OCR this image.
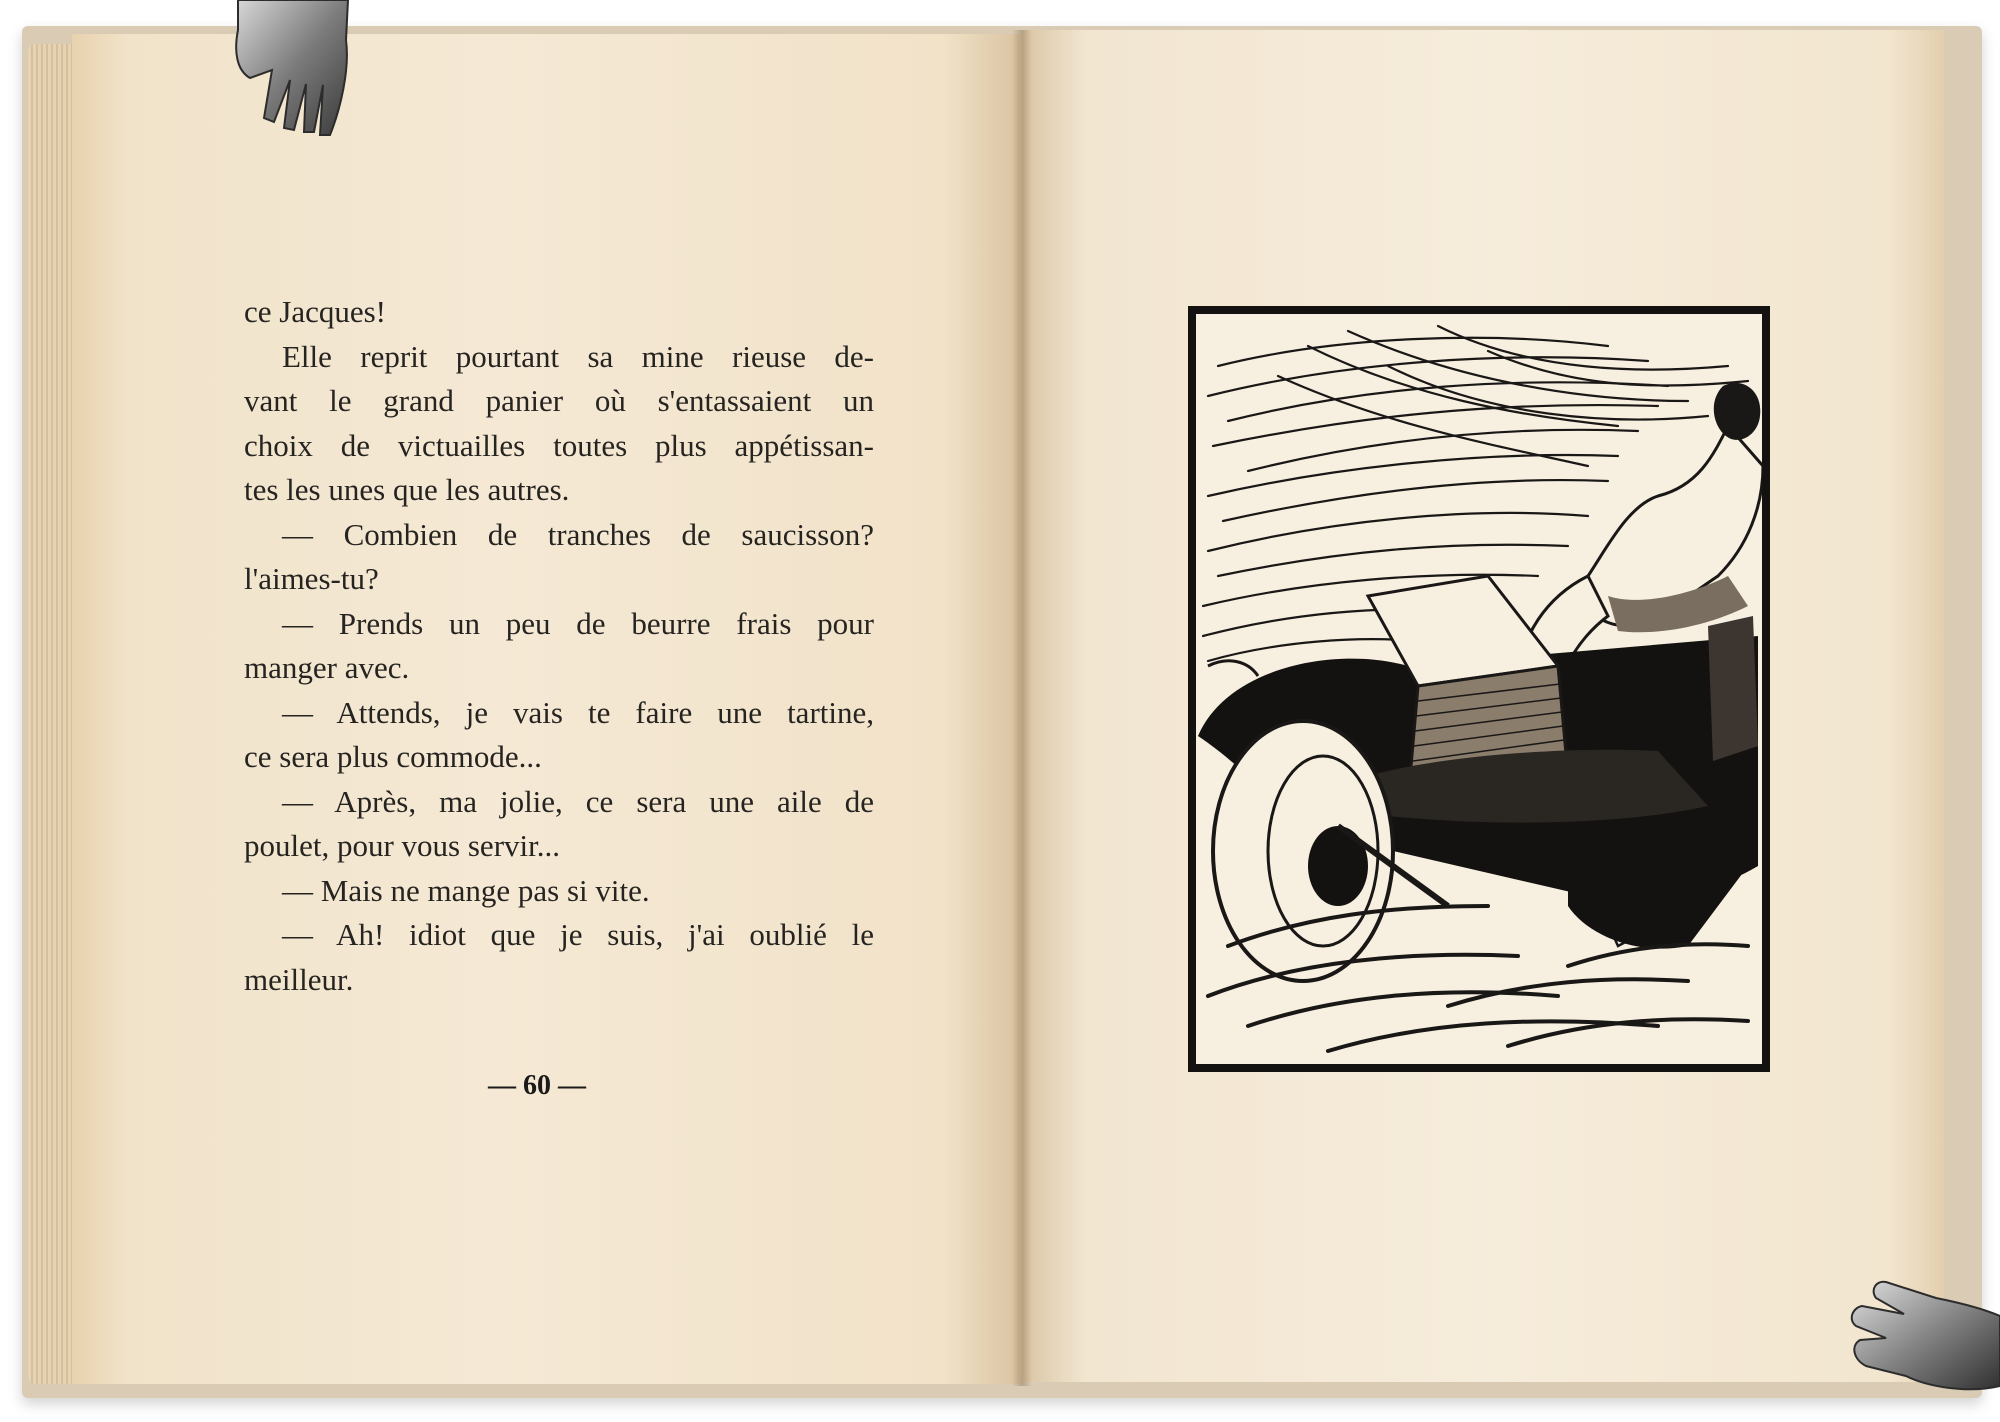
ce Jacques!
Elle reprit pourtant sa mine rieuse de-
vant le grand panier où s'entassaient un
choix de victuailles toutes plus appétissan-
tes les unes que les autres.
— Combien de tranches de saucisson?
l'aimes-tu?
— Prends un peu de beurre frais pour
manger avec.
— Attends, je vais te faire une tartine,
ce sera plus commode...
— Après, ma jolie, ce sera une aile de
poulet, pour vous servir...
— Mais ne mange pas si vite.
— Ah! idiot que je suis, j'ai oublié le
meilleur.
— 60 —
